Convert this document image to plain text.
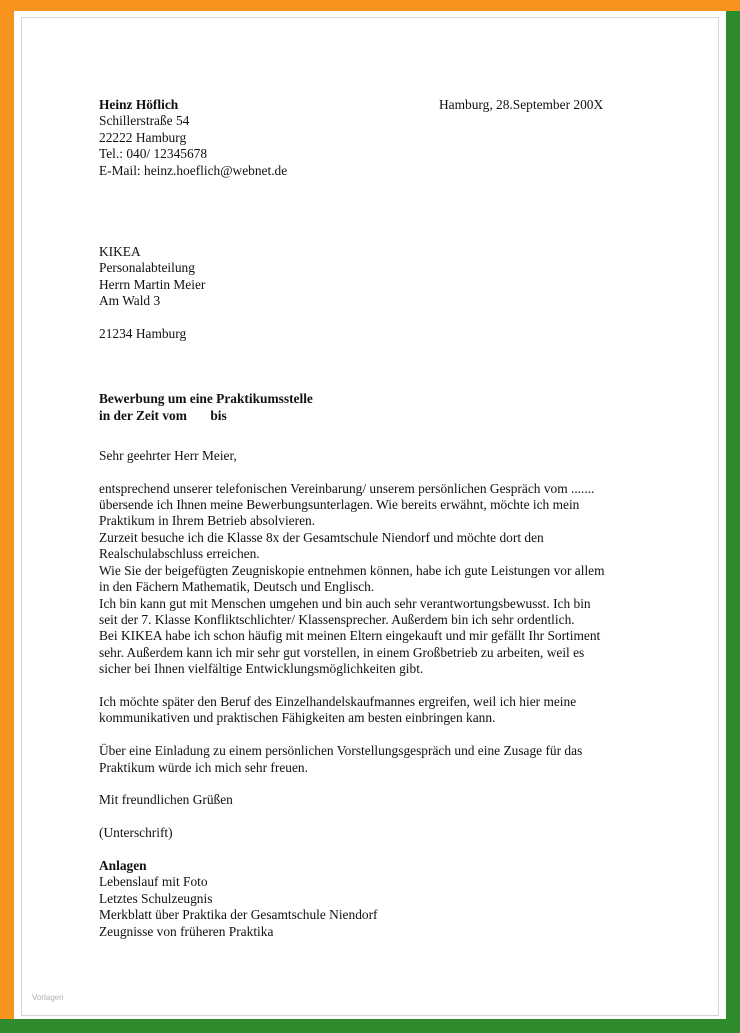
Hamburg, 28.September 200X
Heinz Höflich
Schillerstraße 54
22222 Hamburg
Tel.: 040/ 12345678
E-Mail: heinz.hoeflich@webnet.de
KIKEA
Personalabteilung
Herrn Martin Meier
Am Wald 3
21234 Hamburg
Bewerbung um eine Praktikumsstelle
in der Zeit vom       bis
Sehr geehrter Herr Meier,
entsprechend unserer telefonischen Vereinbarung/ unserem persönlichen Gespräch vom .......
übersende ich Ihnen meine Bewerbungsunterlagen. Wie bereits erwähnt, möchte ich mein
Praktikum in Ihrem Betrieb absolvieren.
Zurzeit besuche ich die Klasse 8x der Gesamtschule Niendorf und möchte dort den
Realschulabschluss erreichen.
Wie Sie der beigefügten Zeugniskopie entnehmen können, habe ich gute Leistungen vor allem
in den Fächern Mathematik, Deutsch und Englisch.
Ich bin kann gut mit Menschen umgehen und bin auch sehr verantwortungsbewusst. Ich bin
seit der 7. Klasse Konfliktschlichter/ Klassensprecher. Außerdem bin ich sehr ordentlich.
Bei KIKEA habe ich schon häufig mit meinen Eltern eingekauft und mir gefällt Ihr Sortiment
sehr. Außerdem kann ich mir sehr gut vorstellen, in einem Großbetrieb zu arbeiten, weil es
sicher bei Ihnen vielfältige Entwicklungsmöglichkeiten gibt.
Ich möchte später den Beruf des Einzelhandelskaufmannes ergreifen, weil ich hier meine
kommunikativen und praktischen Fähigkeiten am besten einbringen kann.
Über eine Einladung zu einem persönlichen Vorstellungsgespräch und eine Zusage für das
Praktikum würde ich mich sehr freuen.
Mit freundlichen Grüßen
(Unterschrift)
Anlagen
Lebenslauf mit Foto
Letztes Schulzeugnis
Merkblatt über Praktika der Gesamtschule Niendorf
Zeugnisse von früheren Praktika
Vorlagen
